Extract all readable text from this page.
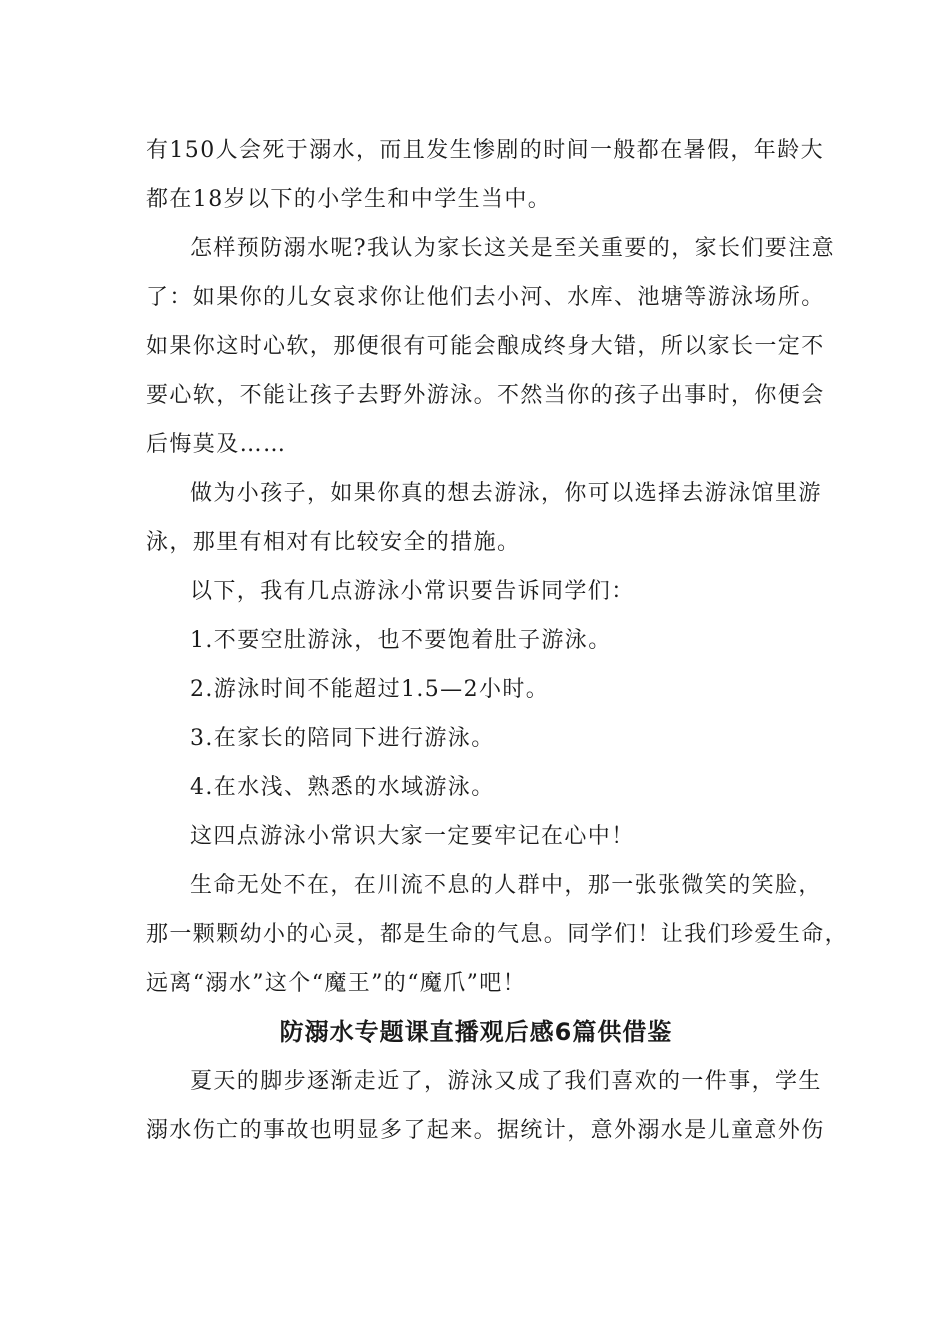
有150人会死于溺水，而且发生惨剧的时间一般都在暑假，年龄大

都在18岁以下的小学生和中学生当中。

怎样预防溺水呢?我认为家长这关是至关重要的，家长们要注意

了：如果你的儿女哀求你让他们去小河、水库、池塘等游泳场所。

如果你这时心软，那便很有可能会酿成终身大错，所以家长一定不

要心软，不能让孩子去野外游泳。不然当你的孩子出事时，你便会

后悔莫及……

做为小孩子，如果你真的想去游泳，你可以选择去游泳馆里游

泳，那里有相对有比较安全的措施。

以下，我有几点游泳小常识要告诉同学们：

1.不要空肚游泳，也不要饱着肚子游泳。

2.游泳时间不能超过1.5—2小时。

3.在家长的陪同下进行游泳。

4.在水浅、熟悉的水域游泳。

这四点游泳小常识大家一定要牢记在心中！

生命无处不在，在川流不息的人群中，那一张张微笑的笑脸，

那一颗颗幼小的心灵，都是生命的气息。同学们！让我们珍爱生命，

远离“溺水”这个“魔王”的“魔爪”吧！

防溺水专题课直播观后感6篇供借鉴

夏天的脚步逐渐走近了，游泳又成了我们喜欢的一件事，学生

溺水伤亡的事故也明显多了起来。据统计，意外溺水是儿童意外伤
